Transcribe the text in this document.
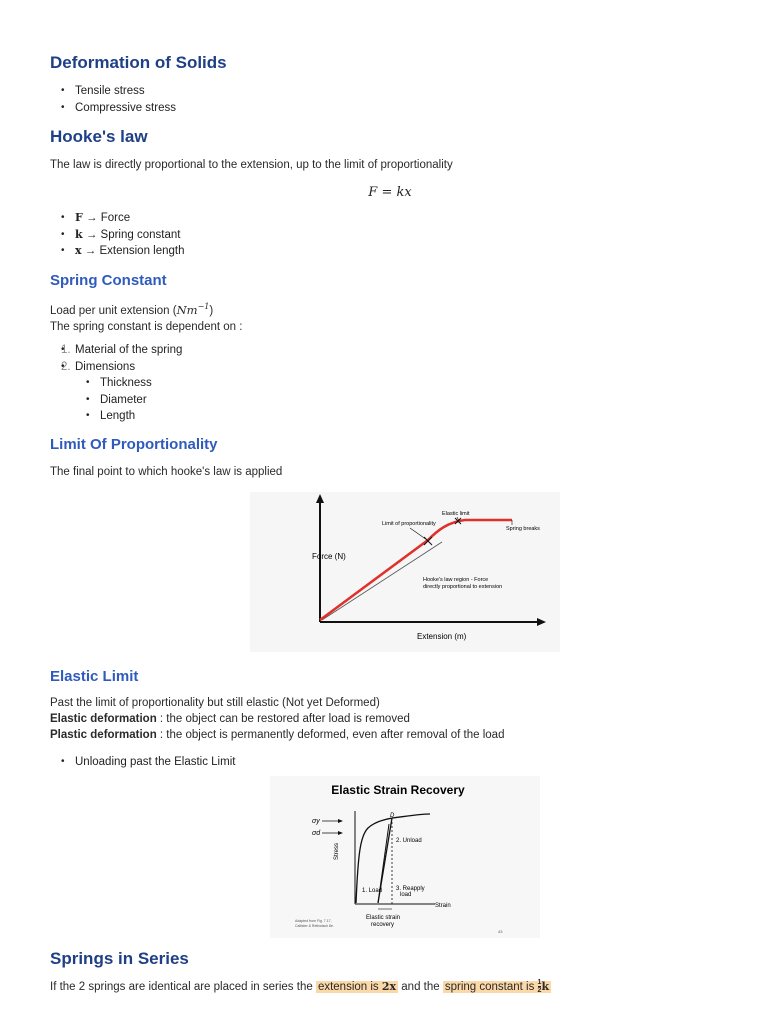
Deformation of Solids
• Tensile stress
• Compressive stress
Hooke's law
The law is directly proportional to the extension, up to the limit of proportionality
F = kx
• F → Force
• k → Spring constant
• x → Extension length
Spring Constant
Load per unit extension $(Nm^{-1})$
The spring constant is dependent on :
• 1. Material of the spring
• 2. Dimensions
• Thickness
• Diameter
• Length
Limit Of Proportionality
The final point to which hooke's law is applied
Elastic limit
Limit of proportionality
Spring breaks
Force (N)
Extension (m)
Hooke's law region - Force
directly proportional to extension
Elastic Limit
Past the limit of proportionality but still elastic (Not yet Deformed)
Elastic deformation : the object can be restored after load is removed
Plastic deformation : the object is permanently deformed, even after removal of the load
• Unloading past the Elastic Limit
Elastic Strain Recovery
D
σy
σd
Stress
2. Unload
3. Reapply
load
1. Load
Strain
Elastic strain
recovery
Adapted from Fig. 7.17,
Callister & Rethwisch 8e.
43
Springs in Series
If the 2 springs are identical are placed in series the extension is 2x and the spring constant is $\frac{1}{2}$ k
